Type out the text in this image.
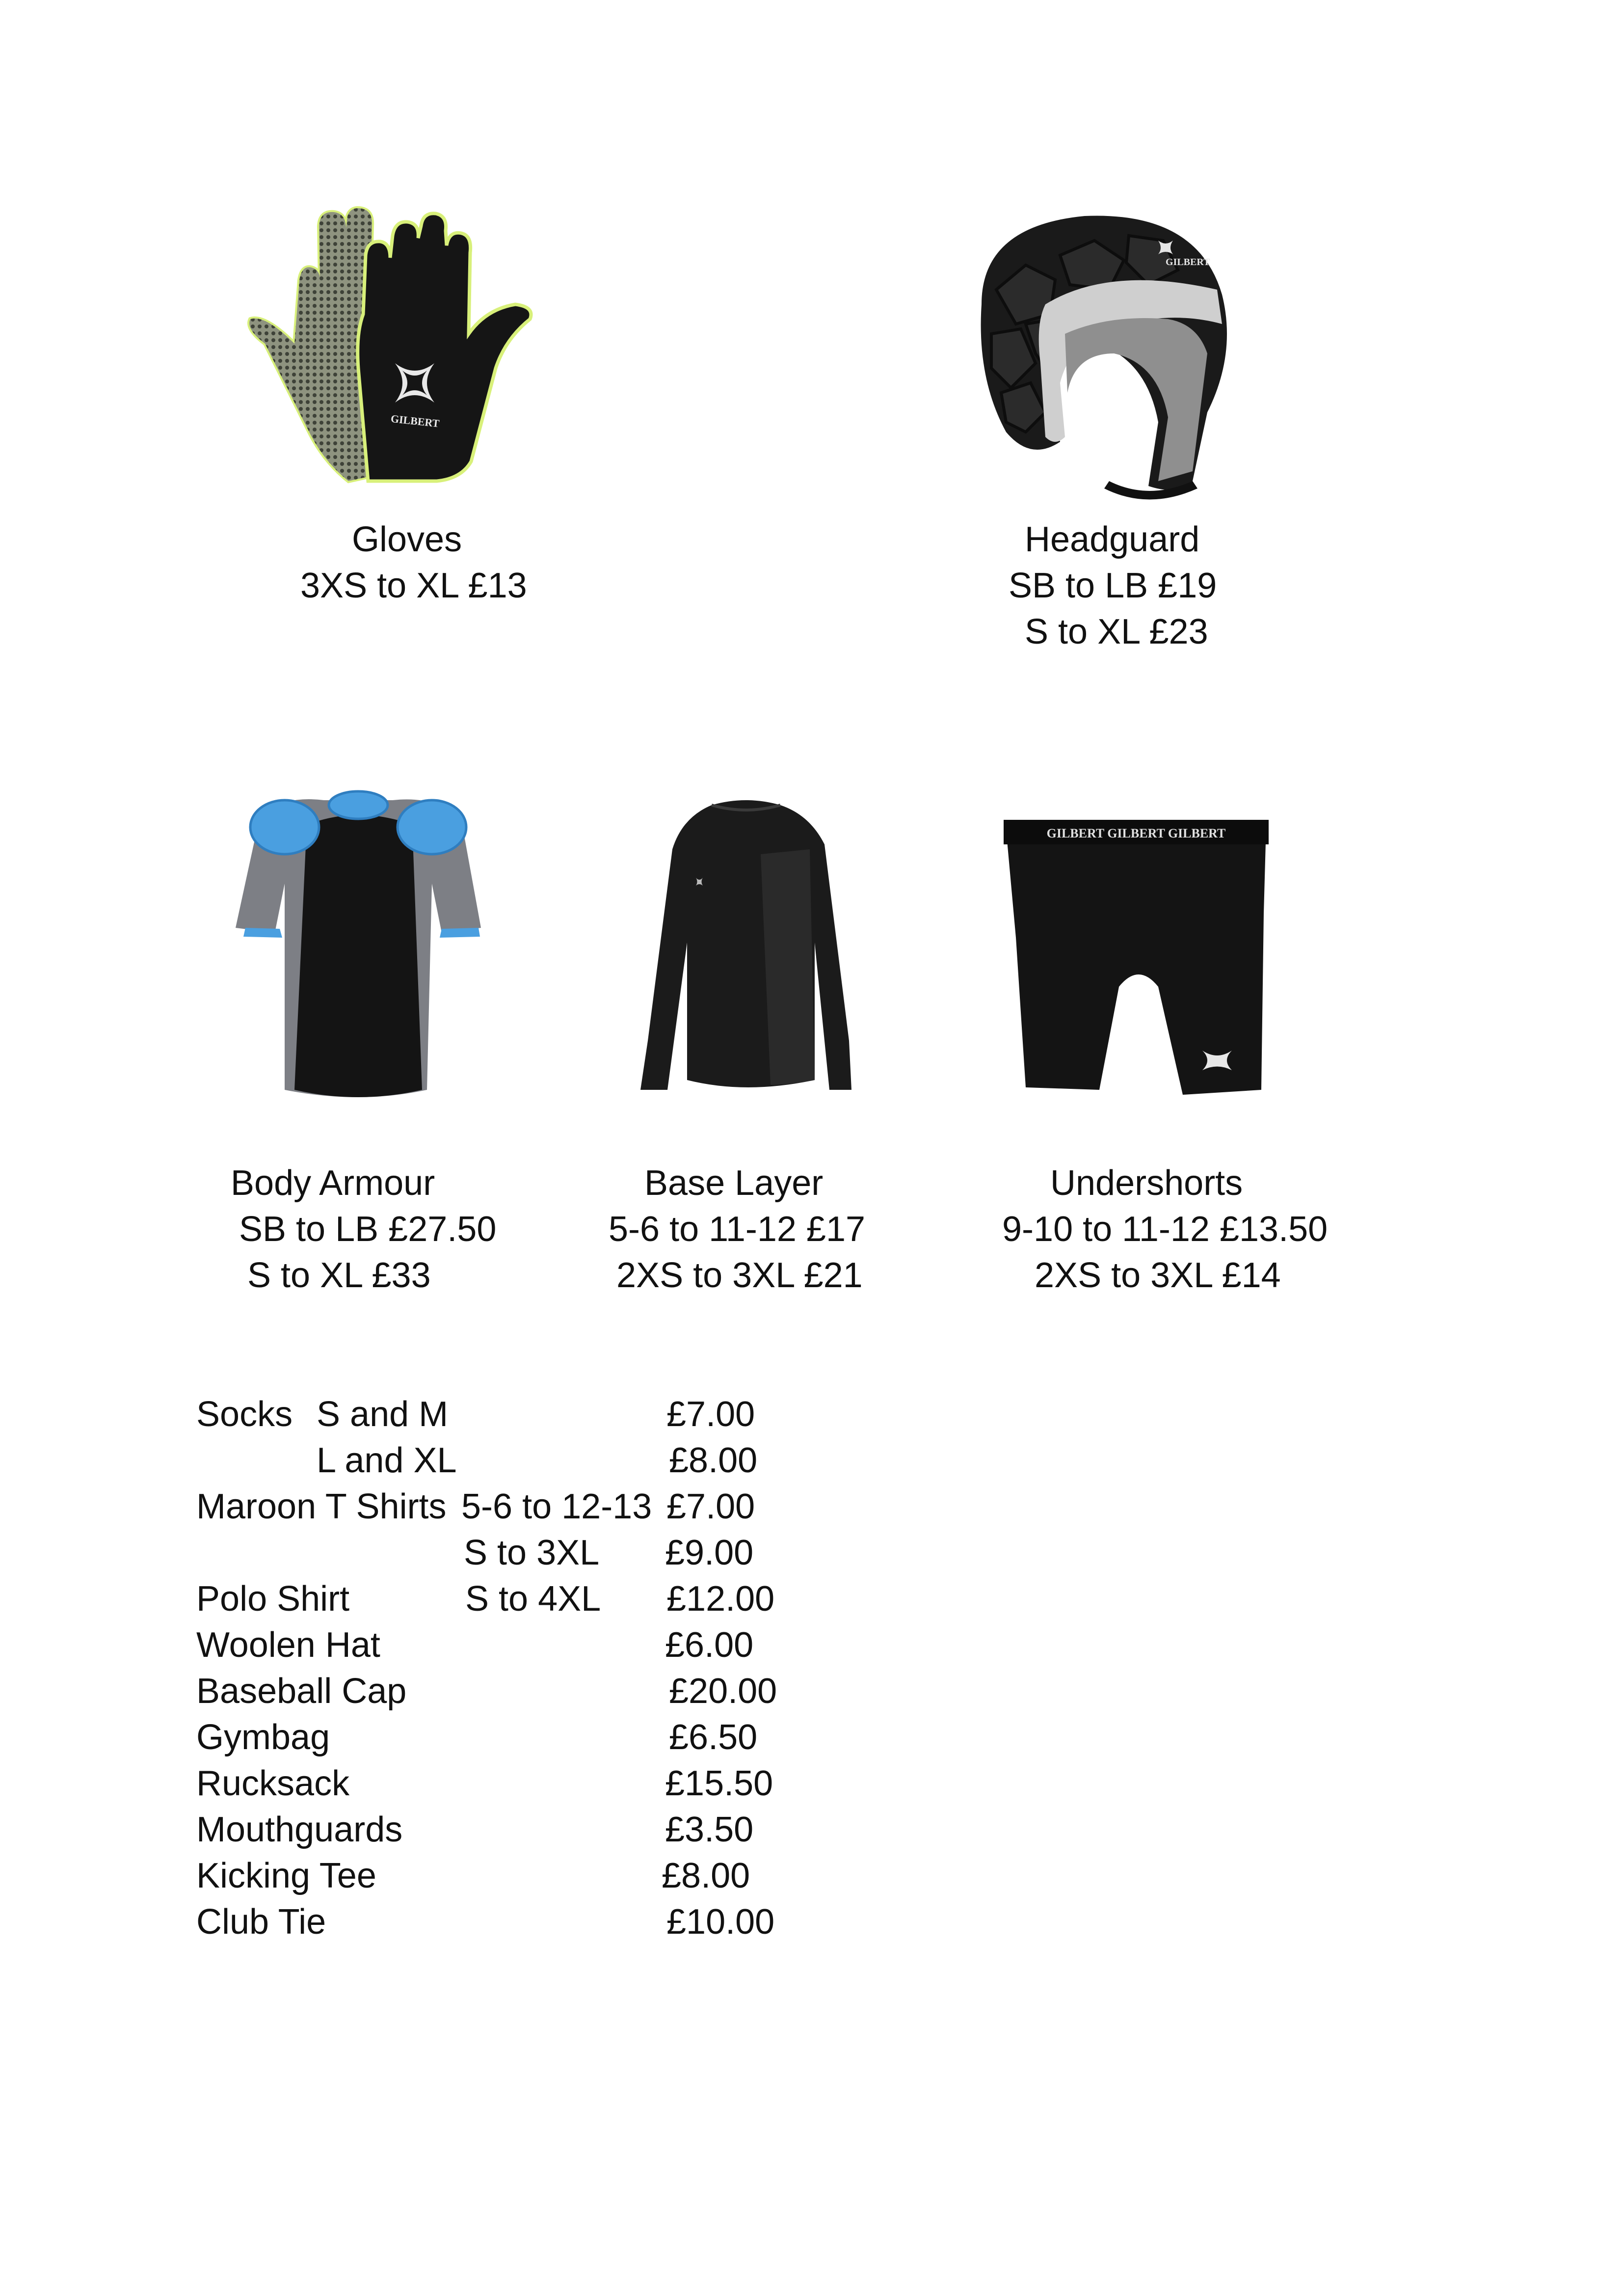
GILBERT
Gloves
3XS to XL £13
GILBERT
Headguard
SB to LB £19
S to XL £23
Body Armour
SB to LB £27.50
S to XL £33
Base Layer
5-6 to 11-12 £17
2XS to 3XL £21
GILBERT GILBERT GILBERT
Undershorts
9-10 to 11-12 £13.50
2XS to 3XL £14
Socks S and M	£7.00
L and XL	£8.00
Maroon T Shirts 5-6 to 12-13 £7.00
S to 3XL £9.00
Polo Shirt	S to 4XL £12.00
Woolen Hat	£6.00
Baseball Cap	£20.00
Gymbag	£6.50
Rucksack	£15.50
Mouthguards	£3.50
Kicking Tee	£8.00
Club Tie	£10.00
